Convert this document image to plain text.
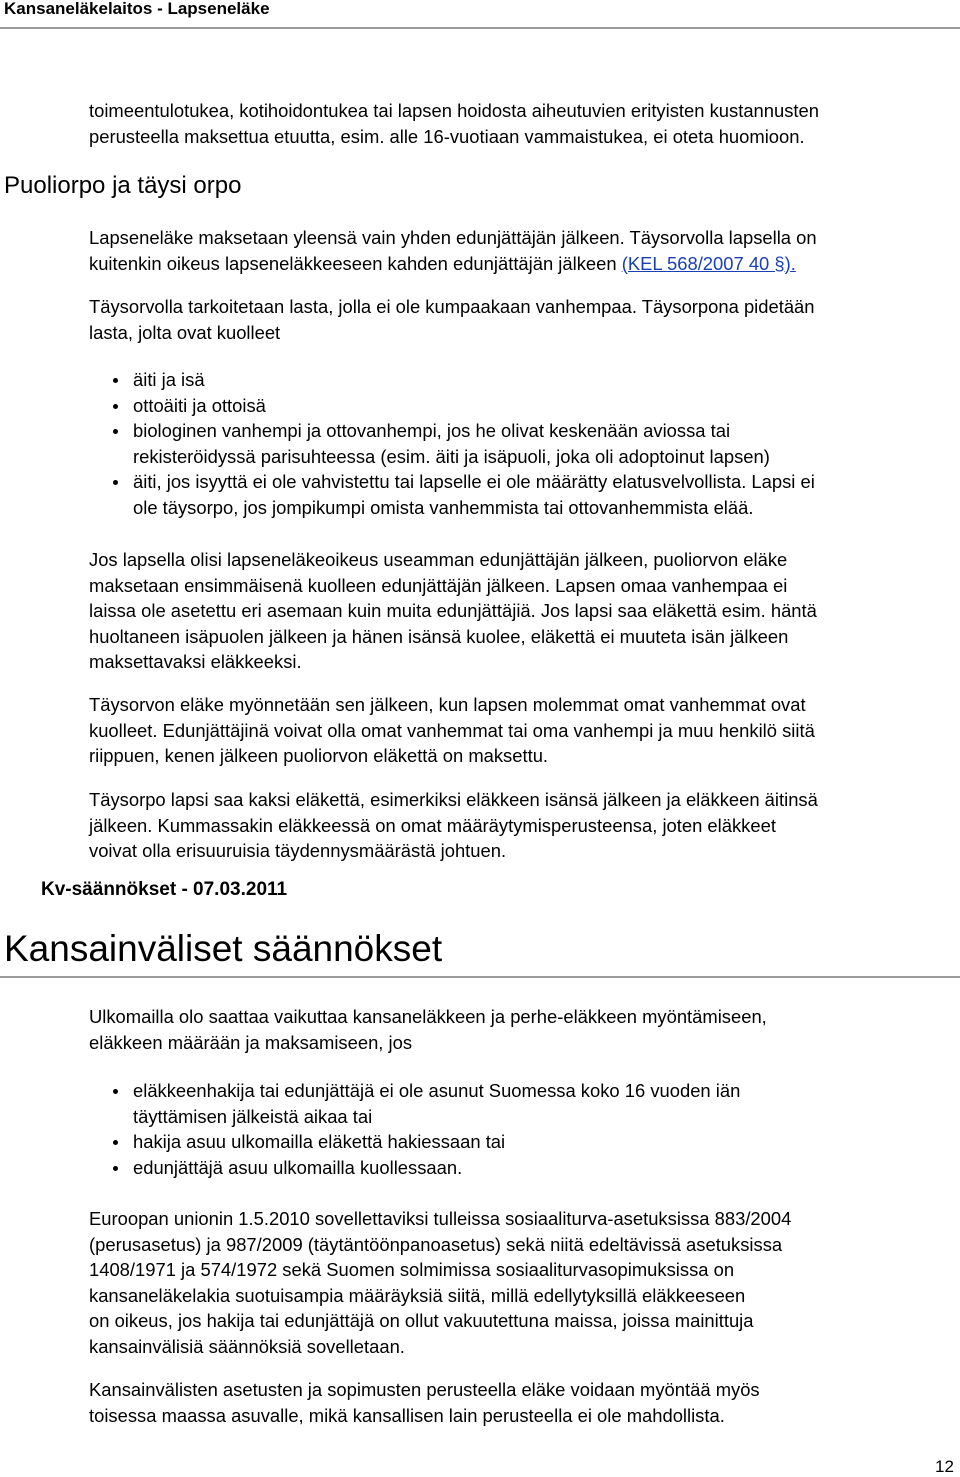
Kansaneläkelaitos - Lapseneläke
toimeentulotukea, kotihoidontukea tai lapsen hoidosta aiheutuvien erityisten kustannusten
perusteella maksettua etuutta, esim. alle 16-vuotiaan vammaistukea, ei oteta huomioon.
Puoliorpo ja täysi orpo
Lapseneläke maksetaan yleensä vain yhden edunjättäjän jälkeen. Täysorvolla lapsella on
kuitenkin oikeus lapseneläkkeeseen kahden edunjättäjän jälkeen (KEL 568/2007 40 §).
Täysorvolla tarkoitetaan lasta, jolla ei ole kumpaakaan vanhempaa. Täysorpona pidetään
lasta, jolta ovat kuolleet
äiti ja isä
ottoäiti ja ottoisä
biologinen vanhempi ja ottovanhempi, jos he olivat keskenään aviossa tai
rekisteröidyssä parisuhteessa (esim. äiti ja isäpuoli, joka oli adoptoinut lapsen)
äiti, jos isyyttä ei ole vahvistettu tai lapselle ei ole määrätty elatusvelvollista. Lapsi ei
ole täysorpo, jos jompikumpi omista vanhemmista tai ottovanhemmista elää.
Jos lapsella olisi lapseneläkeoikeus useamman edunjättäjän jälkeen, puoliorvon eläke
maksetaan ensimmäisenä kuolleen edunjättäjän jälkeen. Lapsen omaa vanhempaa ei
laissa ole asetettu eri asemaan kuin muita edunjättäjiä. Jos lapsi saa eläkettä esim. häntä
huoltaneen isäpuolen jälkeen ja hänen isänsä kuolee, eläkettä ei muuteta isän jälkeen
maksettavaksi eläkkeeksi.
Täysorvon eläke myönnetään sen jälkeen, kun lapsen molemmat omat vanhemmat ovat
kuolleet. Edunjättäjinä voivat olla omat vanhemmat tai oma vanhempi ja muu henkilö siitä
riippuen, kenen jälkeen puoliorvon eläkettä on maksettu.
Täysorpo lapsi saa kaksi eläkettä, esimerkiksi eläkkeen isänsä jälkeen ja eläkkeen äitinsä
jälkeen. Kummassakin eläkkeessä on omat määräytymisperusteensa, joten eläkkeet
voivat olla erisuuruisia täydennysmäärästä johtuen.
Kv-säännökset - 07.03.2011
Kansainväliset säännökset
Ulkomailla olo saattaa vaikuttaa kansaneläkkeen ja perhe-eläkkeen myöntämiseen,
eläkkeen määrään ja maksamiseen, jos
eläkkeenhakija tai edunjättäjä ei ole asunut Suomessa koko 16 vuoden iän
täyttämisen jälkeistä aikaa tai
hakija asuu ulkomailla eläkettä hakiessaan tai
edunjättäjä asuu ulkomailla kuollessaan.
Euroopan unionin 1.5.2010 sovellettaviksi tulleissa sosiaaliturva-asetuksissa 883/2004
(perusasetus) ja 987/2009 (täytäntöönpanoasetus) sekä niitä edeltävissä asetuksissa
1408/1971 ja 574/1972 sekä Suomen solmimissa sosiaaliturvasopimuksissa on
kansaneläkelakia suotuisampia määräyksiä siitä, millä edellytyksillä eläkkeeseen
on oikeus, jos hakija tai edunjättäjä on ollut vakuutettuna maissa, joissa mainittuja
kansainvälisiä säännöksiä sovelletaan.
Kansainvälisten asetusten ja sopimusten perusteella eläke voidaan myöntää myös
toisessa maassa asuvalle, mikä kansallisen lain perusteella ei ole mahdollista.
12
